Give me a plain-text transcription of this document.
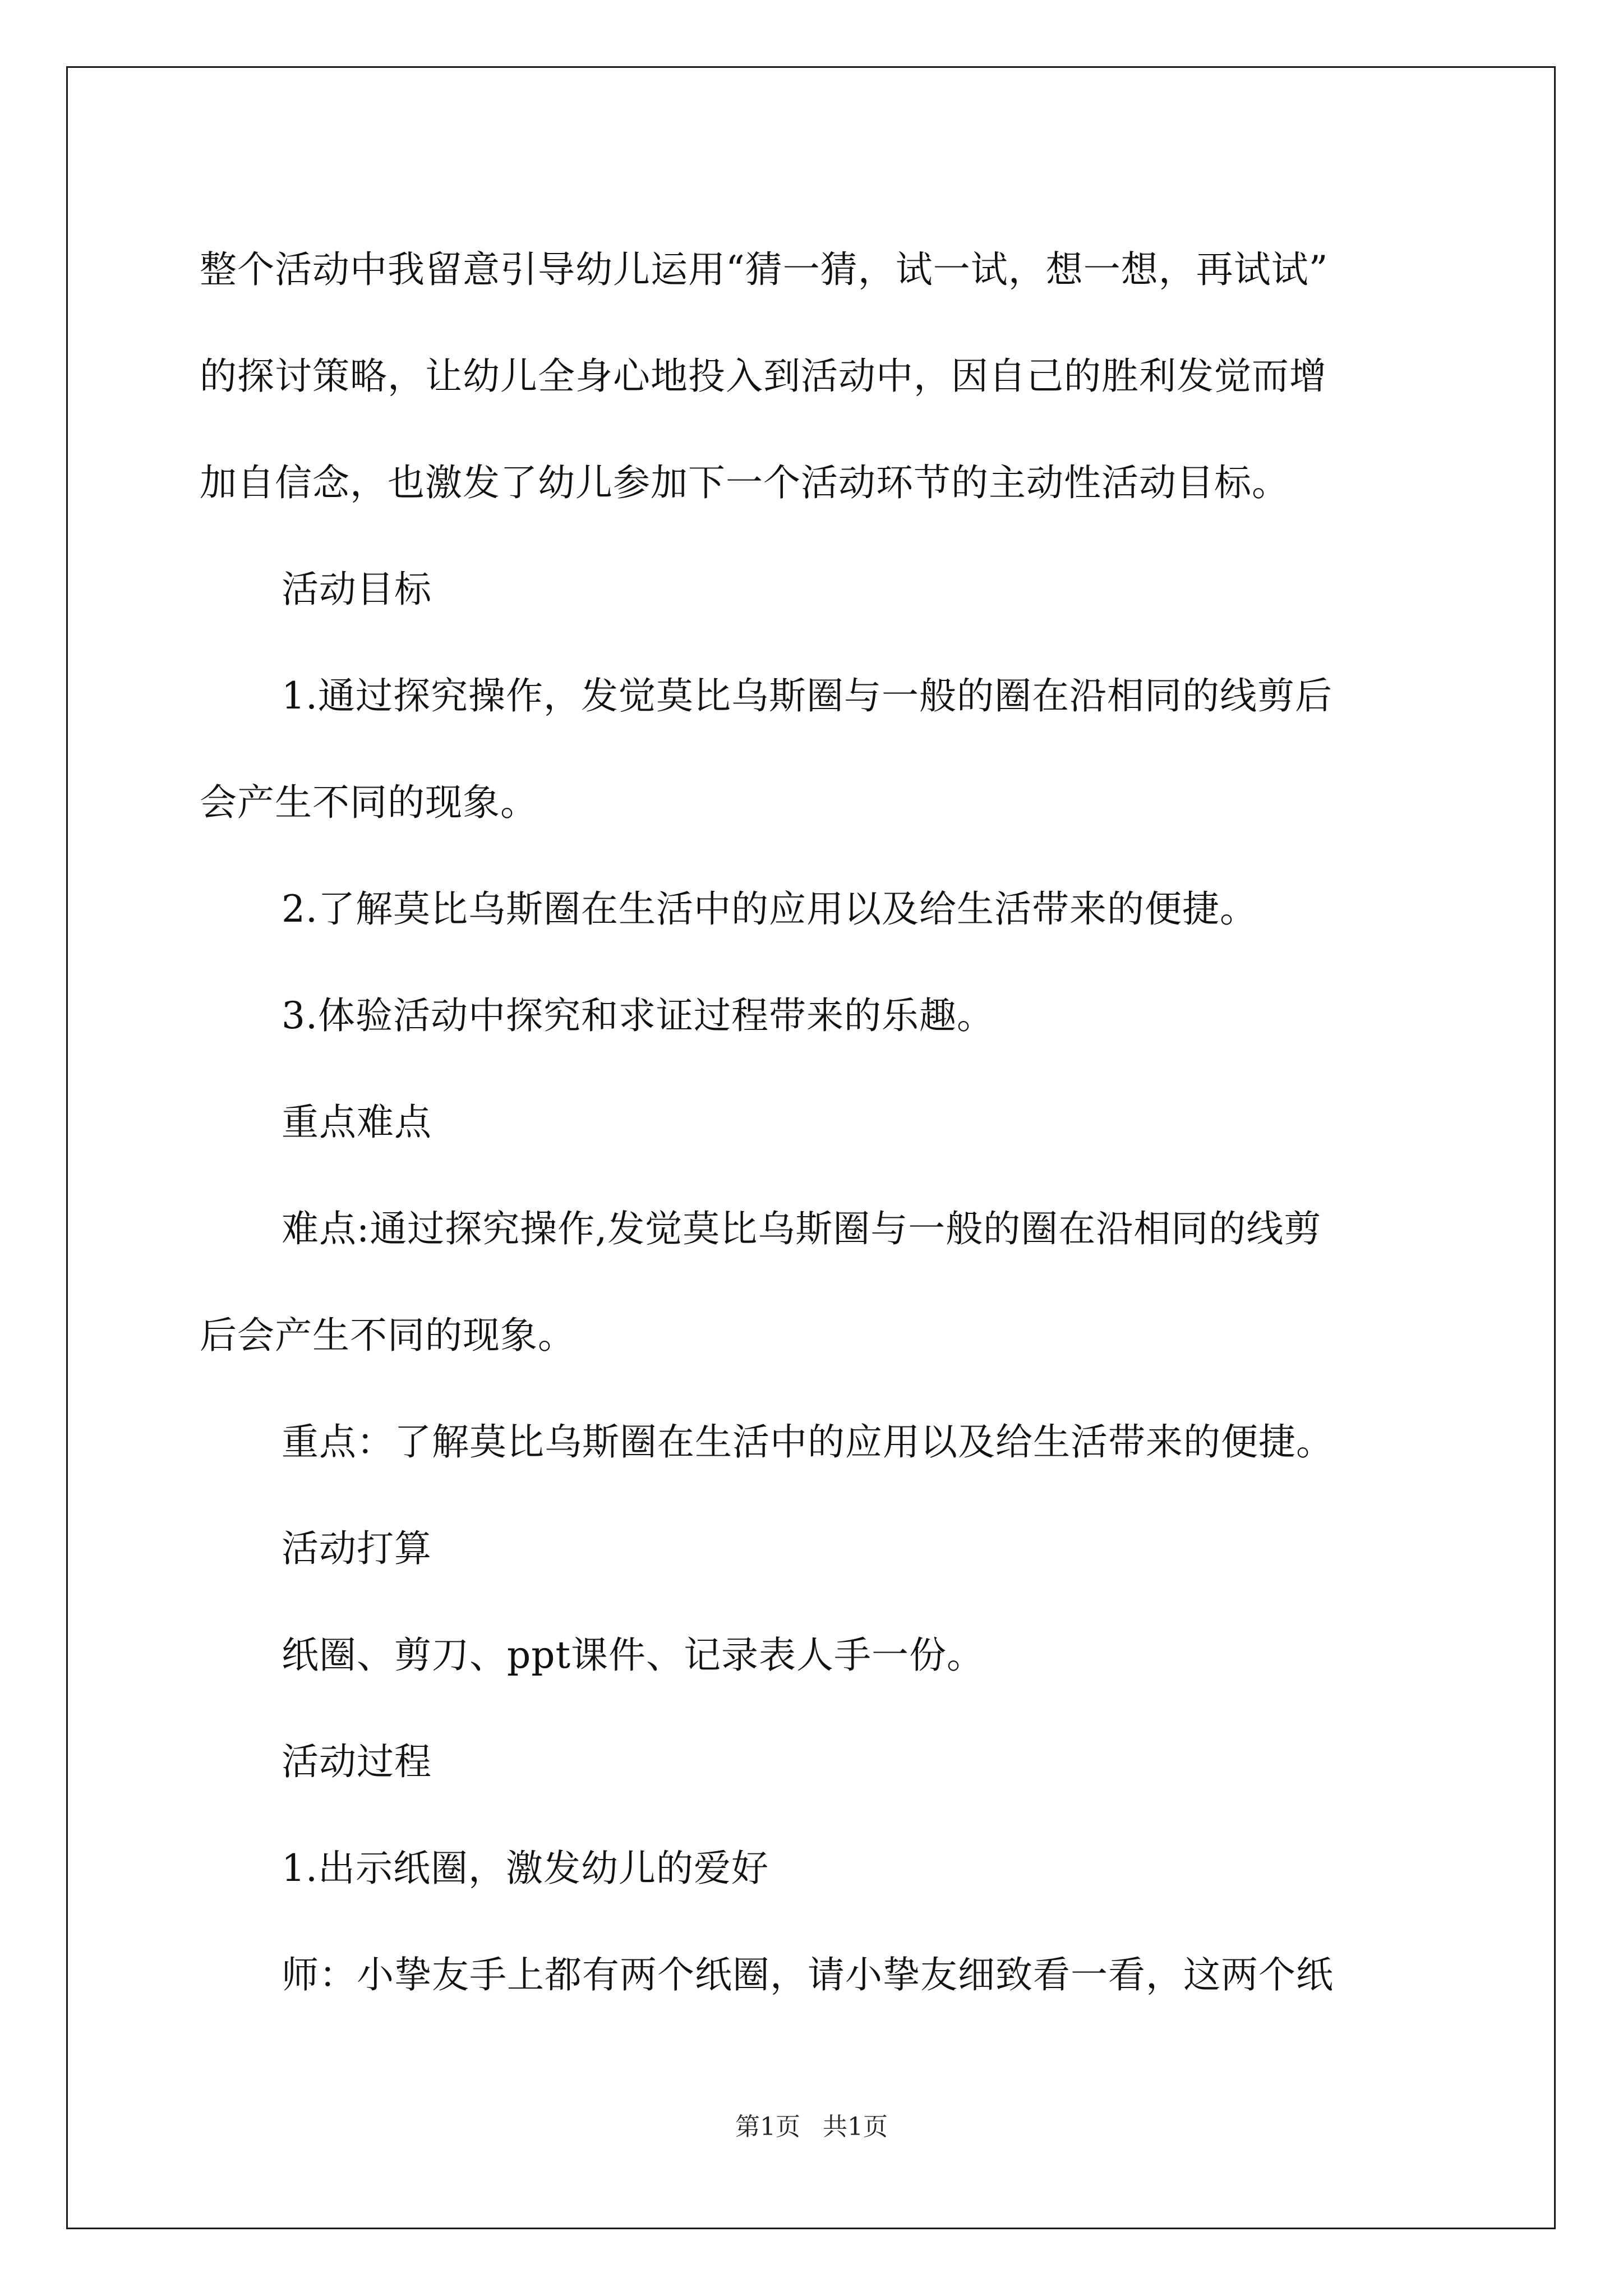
整个活动中我留意引导幼儿运用“猜一猜，试一试，想一想，再试试”

的探讨策略，让幼儿全身心地投入到活动中，因自己的胜利发觉而增

加自信念，也激发了幼儿参加下一个活动环节的主动性活动目标。

活动目标

1.通过探究操作，发觉莫比乌斯圈与一般的圈在沿相同的线剪后

会产生不同的现象。

2.了解莫比乌斯圈在生活中的应用以及给生活带来的便捷。

3.体验活动中探究和求证过程带来的乐趣。

重点难点

难点:通过探究操作,发觉莫比乌斯圈与一般的圈在沿相同的线剪

后会产生不同的现象。

重点：了解莫比乌斯圈在生活中的应用以及给生活带来的便捷。

活动打算

纸圈、剪刀、ppt课件、记录表人手一份。

活动过程

1.出示纸圈，激发幼儿的爱好

师：小挚友手上都有两个纸圈，请小挚友细致看一看，这两个纸

第1页 共1页
